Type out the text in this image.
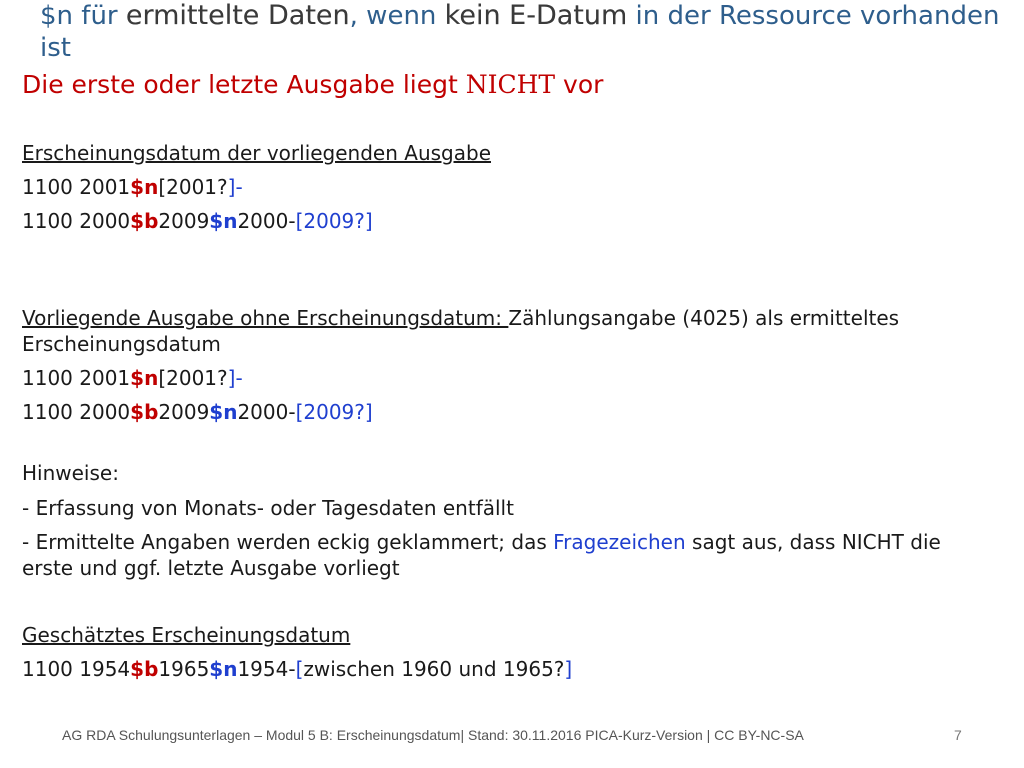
$n für ermittelte Daten, wenn kein E-Datum in der Ressource vorhanden ist
Die erste oder letzte Ausgabe liegt NICHT vor
Erscheinungsdatum der vorliegenden Ausgabe
1100 2001$n[2001?]-
1100 2000$b2009$n2000-[2009?]
Vorliegende Ausgabe ohne Erscheinungsdatum: Zählungsangabe (4025) als ermitteltes Erscheinungsdatum
1100 2001$n[2001?]-
1100 2000$b2009$n2000-[2009?]
Hinweise:
- Erfassung von Monats- oder Tagesdaten entfällt
- Ermittelte Angaben werden eckig geklammert; das Fragezeichen sagt aus, dass NICHT die erste und ggf. letzte Ausgabe vorliegt
Geschätztes Erscheinungsdatum
1100 1954$b1965$n1954-[zwischen 1960 und 1965?]
AG RDA Schulungsunterlagen – Modul 5 B: Erscheinungsdatum| Stand: 30.11.2016 PICA-Kurz-Version | CC BY-NC-SA	7
